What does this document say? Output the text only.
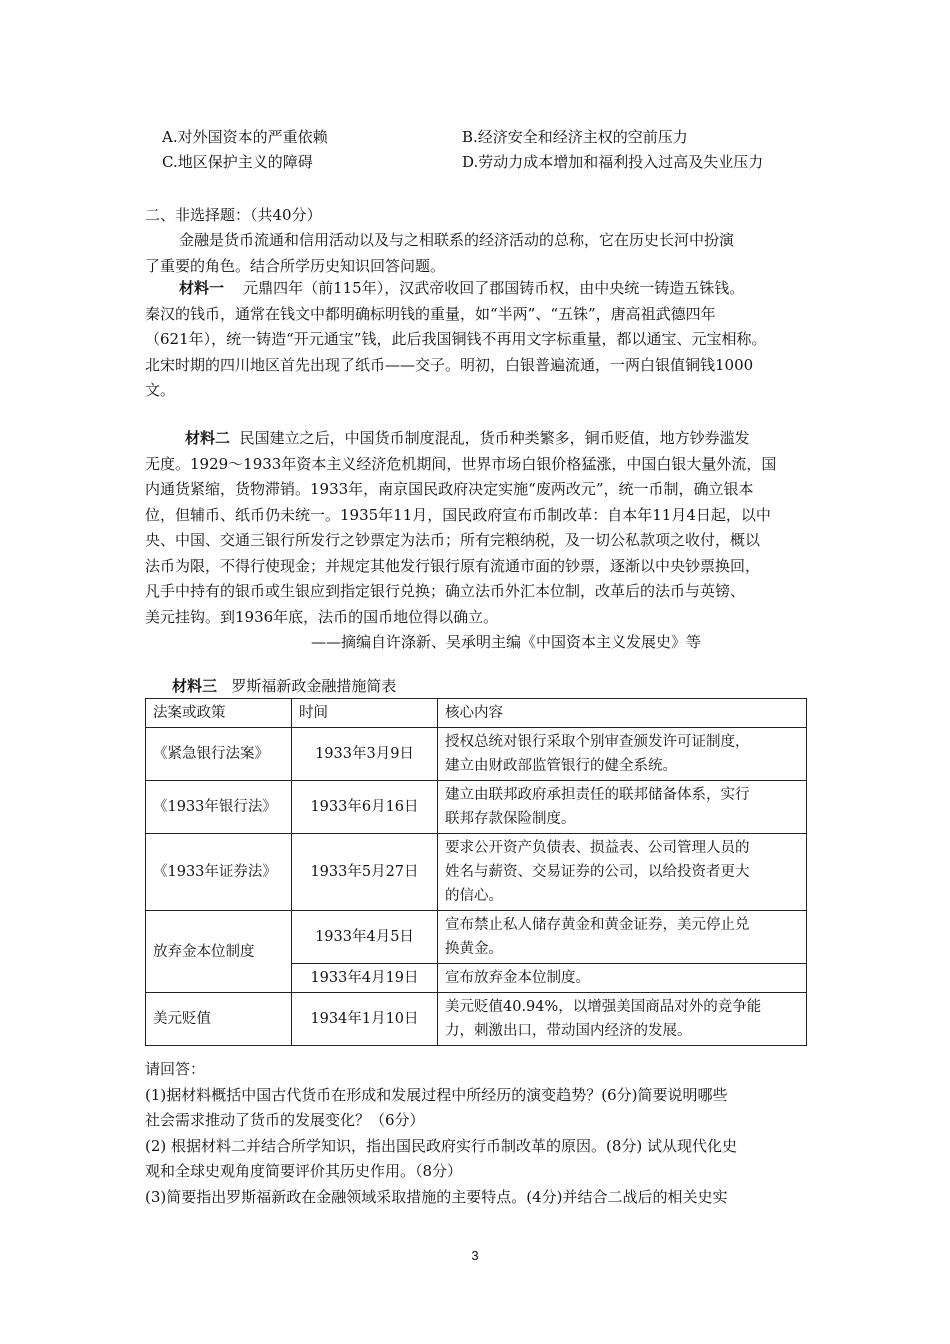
A.对外国资本的严重依赖	B.经济安全和经济主权的空前压力
C.地区保护主义的障碍	D.劳动力成本增加和福利投入过高及失业压力
二、非选择题：（共40分）
金融是货币流通和信用活动以及与之相联系的经济活动的总称，它在历史长河中扮演
了重要的角色。结合所学历史知识回答问题。
材料一 元鼎四年（前115年），汉武帝收回了郡国铸币权，由中央统一铸造五铢钱。
秦汉的钱币，通常在钱文中都明确标明钱的重量，如“半两”、“五铢”，唐高祖武德四年
（621年），统一铸造“开元通宝”钱，此后我国铜钱不再用文字标重量，都以通宝、元宝相称。
北宋时期的四川地区首先出现了纸币——交子。明初，白银普遍流通，一两白银值铜钱1000
文。
材料二 民国建立之后，中国货币制度混乱，货币种类繁多，铜币贬值，地方钞券滥发
无度。1929～1933年资本主义经济危机期间，世界市场白银价格猛涨，中国白银大量外流，国
内通货紧缩，货物滞销。1933年，南京国民政府决定实施“废两改元”，统一币制，确立银本
位，但辅币、纸币仍未统一。1935年11月，国民政府宣布币制改革：自本年11月4日起，以中
央、中国、交通三银行所发行之钞票定为法币；所有完粮纳税，及一切公私款项之收付，概以
法币为限，不得行使现金；并规定其他发行银行原有流通市面的钞票，逐渐以中央钞票换回，
凡手中持有的银币或生银应到指定银行兑换；确立法币外汇本位制，改革后的法币与英镑、
美元挂钩。到1936年底，法币的国币地位得以确立。
——摘编自许涤新、吴承明主编《中国资本主义发展史》等
材料三 罗斯福新政金融措施简表
法案或政策	时间	核心内容
《紧急银行法案》	1933年3月9日	授权总统对银行采取个别审查颁发许可证制度，
建立由财政部监管银行的健全系统。

《1933年银行法》	1933年6月16日	建立由联邦政府承担责任的联邦储备体系，实行
联邦存款保险制度。

《1933年证券法》	1933年5月27日	要求公开资产负债表、损益表、公司管理人员的
姓名与薪资、交易证券的公司，以给投资者更大
的信心。

放弃金本位制度	1933年4月5日	宣布禁止私人储存黄金和黄金证券，美元停止兑
换黄金。

	1933年4月19日	宣布放弃金本位制度。

美元贬值	1934年1月10日	美元贬值40.94%，以增强美国商品对外的竞争能
力，刺激出口，带动国内经济的发展。
请回答：
(1)据材料概括中国古代货币在形成和发展过程中所经历的演变趋势？(6分)简要说明哪些
社会需求推动了货币的发展变化？（6分）
(2) 根据材料二并结合所学知识，指出国民政府实行币制改革的原因。(8分) 试从现代化史
观和全球史观角度简要评价其历史作用。（8分）
(3)简要指出罗斯福新政在金融领域采取措施的主要特点。(4分)并结合二战后的相关史实
3
